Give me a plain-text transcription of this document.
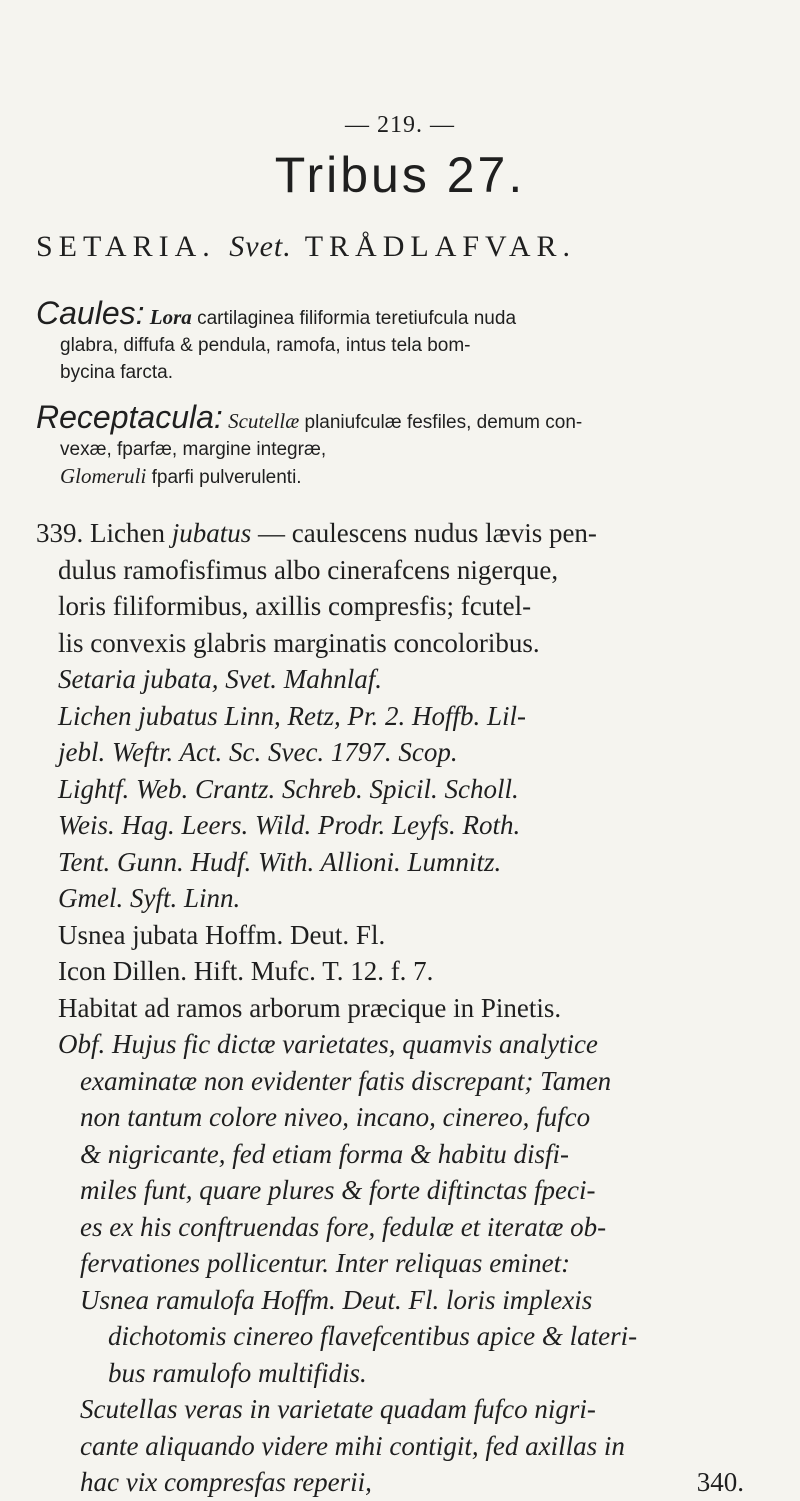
— 219. —
Tribus 27.
SETARIA. Svet. TRÅDLAFVAR.
Caules: Lora cartilaginea filiformia teretiufcula nuda
glabra, diffufa & pendula, ramofa, intus tela bom-
bycina farcta.
Receptacula: Scutellæ planiufculæ fesfiles, demum con-
vexæ, fparfæ, margine integræ,
Glomeruli fparfi pulverulenti.
339. Lichen jubatus — caulescens nudus lævis pen-
dulus ramofisfimus albo cinerafcens nigerque,
loris filiformibus, axillis compresfis; fcutel-
lis convexis glabris marginatis concoloribus.
Setaria jubata, Svet. Mahnlaf.
Lichen jubatus Linn, Retz, Pr. 2. Hoffb. Lil-
jebl. Weftr. Act. Sc. Svec. 1797. Scop.
Lightf. Web. Crantz. Schreb. Spicil. Scholl.
Weis. Hag. Leers. Wild. Prodr. Leyfs. Roth.
Tent. Gunn. Hudf. With. Allioni. Lumnitz.
Gmel. Syft. Linn.
Usnea jubata Hoffm. Deut. Fl.
Icon Dillen. Hift. Mufc. T. 12. f. 7.
Habitat ad ramos arborum præcique in Pinetis.
Obf. Hujus fic dictæ varietates, quamvis analytice
examinatæ non evidenter fatis discrepant; Tamen
non tantum colore niveo, incano, cinereo, fufco
& nigricante, fed etiam forma & habitu disfi-
miles funt, quare plures & forte diftinctas fpeci-
es ex his conftruendas fore, fedulæ et iteratæ ob-
fervationes pollicentur. Inter reliquas eminet:
Usnea ramulofa Hoffm. Deut. Fl. loris implexis
dichotomis cinereo flavefcentibus apice & lateri-
bus ramulofo multifidis.
Scutellas veras in varietate quadam fufco nigri-
cante aliquando videre mihi contigit, fed axillas in
hac vix compresfas reperii,	340.
